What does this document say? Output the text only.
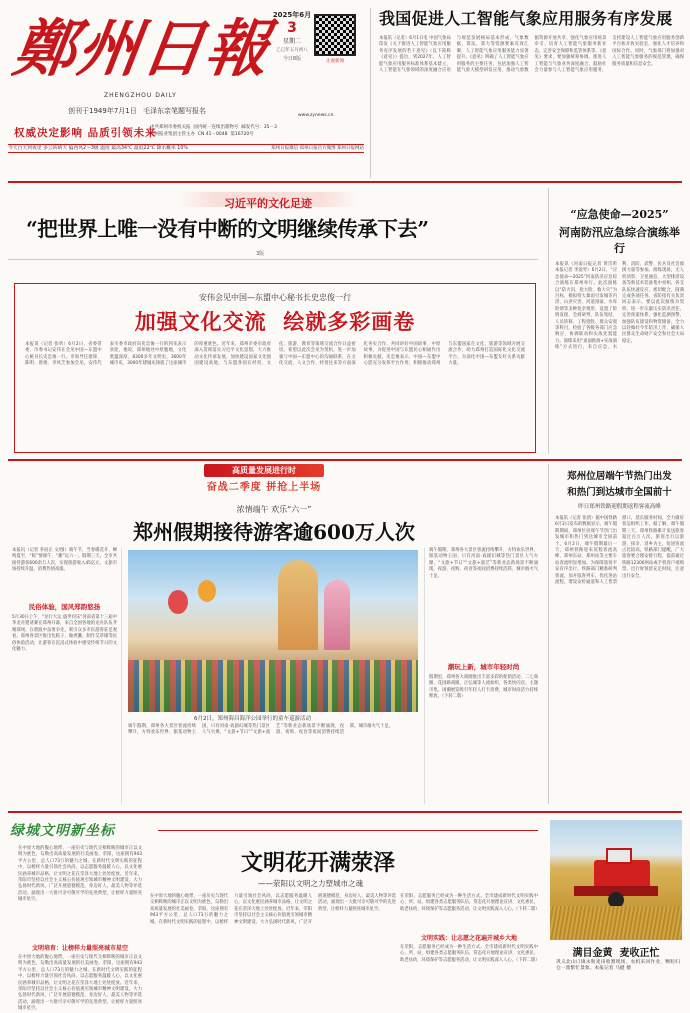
鄭州日報
ZHENGZHOU DAILY
创刊于1949年7月1日 毛泽东亲笔题写报名
2025年6月
3
星期二
乙巳年五月初八
今日8版	正观新闻
权威决定影响 品质引领未来
中共郑州市委机关报 国内统一连续出版物号 邮发代号：35－3
郑州报业集团主管主办 CN 41－0048 第16720号
www.zynews.cn
今天白天到夜里 多云转晴天 偏西风2～3级 温度 最高34℃ 最低22℃ 降水概率 10%	郑州日报微信 郑州日报官方微博 郑州日报网站
我国促进人工智能气象应用服务有序发展
本报讯（记者）6月1日电 中国气象局印发《关于推进人工智能气象应用服务有序发展的若干意见》（以下简称《意见》）提出，到2027年，人工智能气象应用服务标准体系基本建立，人工智能在气象领域的深度融合应用与规范发展格局基本形成，气象数据、算法、算力等资源要素有效汇聚，人工智能气象应用服务能力显著提升。《意见》明确了人工智能气象应用服务的主要任务，包括加强人工智能气象大模型研发应用、推动气象数据资源开放共享、强化气象应用场景牵引、培育人工智能气象服务新业态、完善安全保障和监管体系等。《意见》要求，要加强统筹协调，推进人工智能与气象业务深度融合，鼓励社会力量参与人工智能气象应用服务，支持建设人工智能气象应用服务创新平台和开放实验室，强化人才培养和国际合作。同时，气象部门将加强对人工智能气象服务的规范管理，确保服务质量和信息安全。
习近平的文化足迹
“把世界上唯一没有中断的文明继续传承下去”
3版
安伟会见中国—东盟中心秘书长史忠俊一行
加强文化交流  绘就多彩画卷
本报讯（记者 张昕）6月2日，省委常委、市委书记安伟在会见中国—东盟中心秘书长史忠俊一行。市领导任建锋、陈明、唐俊、李风芝参加会见。安伟代表市委市政府向史忠俊一行的到来表示欢迎，他说，郑州地处中原腹地，文化底蕴深厚，8300多年文明史、3600年城市史、3000年建城史铸就了这座城市的厚重底色。近年来，郑州市委市政府深入贯彻落实习近平文化思想，大力推动文化传承发展，加快建设国家文化强国建设高地，与东盟各国在经贸、文化、旅游、教育等领域交流合作日益密切。希望以此次会见为契机，进一步加强与中国—东盟中心的沟通联系，在文化交流、人文合作、经贸往来等方面深化务实合作，共同讲好中国故事、中原故事，为促进中国与东盟民心相通作出积极贡献。史忠俊表示，中国—东盟中心愿充分发挥平台作用，积极推动郑州与东盟国家在文化、旅游等领域开展交流合作，助力郑州打造国际化文化交流平台，为深化中国—东盟友好关系贡献力量。
“应急使命—2025”
河南防汛应急综合演练举行
本报讯（河南日报记者 黄岱昕 本报记者 李爱琴）6月2日，“应急使命—2025”河南防汛应急综合演练在郑州举行。此次演练以“防大汛、抢大险、救大灾”为目标，模拟特大暴雨引发城市内涝、山洪灾害、河道漫溢、水库险情等多种复杂情形，设置了险情发现、会商研判、队伍集结、人员转移、工程抢险、群众安置等科目，检验了各级各部门应急响应、协调联动和实战处置能力。演练采用“桌面推演+实战演练”方式进行，来自应急、水利、消防、武警、民兵及社会救援力量等参加。演练现场，无人机侦察、卫星通信、大型排涝设备等新技术装备集中亮相，各支队伍快速反应、密切配合，圆满完成各项任务。省防指有关负责同志表示，要以此次演练为契机，进一步压紧压实防汛责任，完善预案体系，强化监测预警，加强队伍建设和物资储备，全力以赴做好今年防汛工作，确保人民群众生命财产安全和社会大局稳定。
高质量发展进行时
奋战二季度 拼抢上半场
浓情端午 欢乐“六一”
郑州假期接待游客逾600万人次
本报讯（记者 李居正 文/图）端午节，当春暖花开、蝉鸣夏至，“粽”情端午、“趣”玩六一。假期三天，全市共接待游客600余万人次，实现旅游收入45亿元，文旅市场持续升温，消费热情高涨。
民俗体验，国风郑韵悠扬
5月30日上午，“龙行大运 盛世同乐”河南省第十三届中华龙舟邀请赛在郑州开幕，来自全国各地的龙舟队伍齐聚郑州，在碧波中奋勇争先，吸引众多市民游客驻足观看。郑州各景区推出包粽子、做香囊、制作艾草锤等民俗体验活动，让游客在沉浸式体验中感受传统节日的文化魅力。
6月2日，郑州海昌海洋公园举行的童车巡游活动
端午假期，郑州各大景区客流持续攀升，方特欢乐世界、银基动物王国、只有河南·戏剧幻城等热门景区人气火爆，“文旅+节日”“文旅+演艺”等新业态新场景不断涌现，夜游、夜购、夜食等夜间消费持续活跃，城市烟火气十足。
端午假期，郑州各大景区客流持续攀升，方特欢乐世界、银基动物王国、只有河南·戏剧幻城等热门景区人气火爆，“文旅+节日”“文旅+演艺”等新业态新场景不断涌现，夜游、夜购、夜食等夜间消费持续活跃，城市烟火气十足。
潮玩上新，城市年轻时尚
假期里，郑州各大商圈推出丰富多彩的促销活动，二七商圈、花园路商圈、正弘城等人流如织，各类快闪店、主题市集、国潮展览吸引年轻人打卡消费，城市时尚活力持续释放。（下转二版）
郑州位居端午节热门出发
和热门到达城市全国前十
昨日郑州铁路迎假期返程客流高峰
本报讯（记者 张倩）据中国铁路6月2日发布的数据显示，端午假期期间，郑州位居端午节热门出发城市和热门到达城市全国前十。6月2日，端午假期最后一天，郑州铁路迎来返程客流高峰，郑州东站、郑州站等主要车站客流明显增加。为保障旅客平安有序出行，铁路部门精准研判客流，加开临客列车，优化进站流程，增设安检通道和人工售票窗口，延长服务时间，全力做好客运组织工作。据了解，端午假期三天，郑州铁路累计发送旅客超过百万人次，旅客出行以旅游、探亲、返乡为主，短途客流占比较高。铁路部门提醒，广大旅客要合理安排行程，提前通过铁路12306网站或手机客户端购票，出行时预留充足时间，注意出行安全。
绿城文明新坐标
文明花开满荥泽
——荥阳以文明之力塑城市之魂
在中原大地的腹心地带，一座历史与现代交相辉映的城市正以文明为底色，勾勒出高质量发展的壮美画卷。荥阳，这座拥有943平方公里、总人口73万的魅力之城，在新时代文明实践的征程中，以榜样力量引领社会风尚，以志愿服务温暖人心，以文化惠民涵养城市品格，让文明之花在荥泽大地上处处绽放。近年来，荥阳市坚持以社会主义核心价值观引领城市精神文明建设，大力弘扬时代新风，广泛开展道德模范、身边好人、最美人物等评选活动，涌现出一大批可亲可敬可学的先进典型，让榜样力量照亮城市星空。
文明培育：让榜样力量照亮城市星空
在中原大地的腹心地带，一座历史与现代交相辉映的城市正以文明为底色，勾勒出高质量发展的壮美画卷。荥阳，这座拥有943平方公里、总人口73万的魅力之城，在新时代文明实践的征程中，以榜样力量引领社会风尚，以志愿服务温暖人心，以文化惠民涵养城市品格，让文明之花在荥泽大地上处处绽放。近年来，荥阳市坚持以社会主义核心价值观引领城市精神文明建设，大力弘扬时代新风，广泛开展道德模范、身边好人、最美人物等评选活动，涌现出一大批可亲可敬可学的先进典型，让榜样力量照亮城市星空。
在中原大地的腹心地带，一座历史与现代交相辉映的城市正以文明为底色，勾勒出高质量发展的壮美画卷。荥阳，这座拥有943平方公里、总人口73万的魅力之城，在新时代文明实践的征程中，以榜样力量引领社会风尚，以志愿服务温暖人心，以文化惠民涵养城市品格，让文明之花在荥泽大地上处处绽放。近年来，荥阳市坚持以社会主义核心价值观引领城市精神文明建设，大力弘扬时代新风，广泛开展道德模范、身边好人、最美人物等评选活动，涌现出一大批可亲可敬可学的先进典型，让榜样力量照亮城市星空。
在荥阳，志愿服务已经成为一种生活方式。全市建成新时代文明实践中心、所、站，组建各类志愿服务队伍，常态化开展理论宣讲、文化惠民、助老扶幼、环境保护等志愿服务活动，让文明实践深入人心。（下转二版）
文明实践：让志愿之花遍开城乡大地
在荥阳，志愿服务已经成为一种生活方式。全市建成新时代文明实践中心、所、站，组建各类志愿服务队伍，常态化开展理论宣讲、文化惠民、助老扶幼、环境保护等志愿服务活动，让文明实践深入人心。（下转二版）
满目金黄  麦收正忙
巩义北山口镇永和麦田收割现场，农机来回作业，颗粒归仓一派繁忙景象。本报记者 马健 摄
